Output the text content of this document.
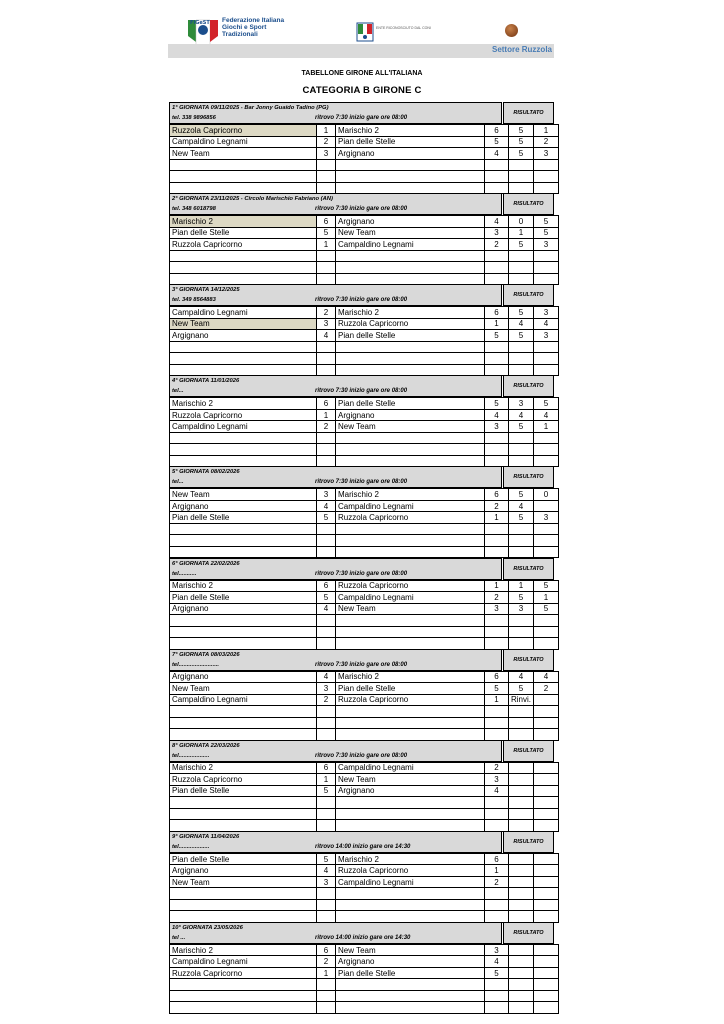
FIGeST Federazione Italiana
Giochi e Sport
Tradizionali
ENTE RICONOSCIUTO DAL CONI
Settore Ruzzola
TABELLONE GIRONE ALL'ITALIANA
CATEGORIA B GIRONE C
1° GIORNATA 09/11/2025 - Bar Jonny Guaido Tadino (PG)
tel. 338 9896856	ritrovo 7:30 inizio gare ore 08:00
RISULTATO
Ruzzola Capricorno	1	Marischio 2	6	5	1
Campaldino Legnami	2	Pian delle Stelle	5	5	2
New Team	3	Argignano	4	5	3

2° GIORNATA 23/11/2025 - Circolo Marischio Fabriano (AN)
tel. 348 6018798	ritrovo 7:30 inizio gare ore 08:00
RISULTATO
Marischio 2	6	Argignano	4	0	5
Pian delle Stelle	5	New Team	3	1	5
Ruzzola Capricorno	1	Campaldino Legnami	2	5	3

3° GIORNATA 14/12/2025
tel. 349 8564883	ritrovo 7:30 inizio gare ore 08:00
RISULTATO
Campaldino Legnami	2	Marischio 2	6	5	3
New Team	3	Ruzzola Capricorno	1	4	4
Argignano	4	Pian delle Stelle	5	5	3

4° GIORNATA 11/01/2026
tel...	ritrovo 7:30 inizio gare ore 08:00
RISULTATO
Marischio 2	6	Pian delle Stelle	5	3	5
Ruzzola Capricorno	1	Argignano	4	4	4
Campaldino Legnami	2	New Team	3	5	1

5° GIORNATA 08/02/2026
tel...	ritrovo 7:30 inizio gare ore 08:00
RISULTATO
New Team	3	Marischio 2	6	5	0
Argignano	4	Campaldino Legnami	2	4	
Pian delle Stelle	5	Ruzzola Capricorno	1	5	3

6° GIORNATA 22/02/2026
tel...........	ritrovo 7:30 inizio gare ore 08:00
RISULTATO
Marischio 2	6	Ruzzola Capricorno	1	1	5
Pian delle Stelle	5	Campaldino Legnami	2	5	1
Argignano	4	New Team	3	3	5

7° GIORNATA 08/03/2026
tel.........................	ritrovo 7:30 inizio gare ore 08:00
RISULTATO
Argignano	4	Marischio 2	6	4	4
New Team	3	Pian delle Stelle	5	5	2
Campaldino Legnami	2	Ruzzola Capricorno	1	Rinvi.	

8° GIORNATA 22/03/2026
tel...................	ritrovo 7:30 inizio gare ore 08:00
RISULTATO
Marischio 2	6	Campaldino Legnami	2		
Ruzzola Capricorno	1	New Team	3		
Pian delle Stelle	5	Argignano	4		

9° GIORNATA 11/04/2026
tel...................	ritrovo 14:00 inizio gare ore 14:30
RISULTATO
Pian delle Stelle	5	Marischio 2	6		
Argignano	4	Ruzzola Capricorno	1		
New Team	3	Campaldino Legnami	2		

10° GIORNATA 23/05/2026
tel ...	ritrovo 14:00 inizio gare ore 14:30
RISULTATO
Marischio 2	6	New Team	3		
Campaldino Legnami	2	Argignano	4		
Ruzzola Capricorno	1	Pian delle Stelle	5		
